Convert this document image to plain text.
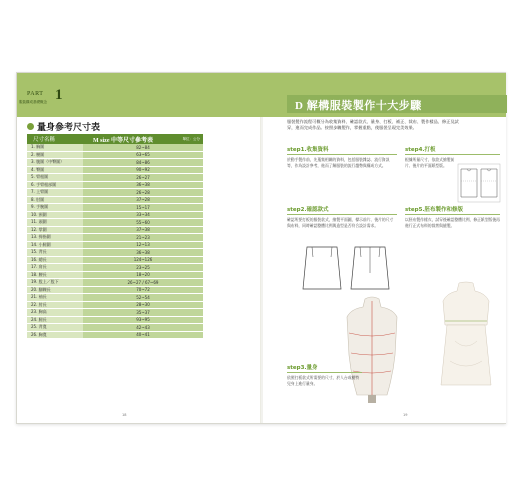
量身參考尺寸表
尺寸名稱	M size 中等尺寸參考表	單位：公分
1. 胸圍	82~84
2. 腰圍	63~65
3. 腹圍（中臀圍）	84~86
4. 臀圍	90~92
5. 臂根圍	26~27
6. 手臂根部圍	36~38
7. 上臂圍	26~28
8. 肘圍	37~28
9. 手腕圍	15~17
10. 頸圍	33~34
11. 頭圍	55~60
12. 掌圍	37~38
13. 拇指圍	21~23
14. 小腿圍	12~13
15. 背長	36~38
16. 總長	124~126
17. 肩長	23~25
18. 腰長	18~20
19. 股上／股下	26~27 / 67~69
20. 腳踝長	70~72
21. 袖長	52~54
22. 肘長	28~30
23. 胸高	35~37
24. 腿長	93~95
25. 背寬	42~43
26. 胸寬	40~41
18	19
PART 1
服裝構成基礎概念	D 解構服裝製作十大步驟
服裝製作流程可概分為收集資料、確認款式、量身、打板、補正、裁布、製作樣品、修正及試穿，進而完成作品。按照步驟製作，掌握重點，使服裝呈現完美效果。
step1.收集資料
於動手製作前，先蒐集相關的資料，包括服裝雜誌、流行資訊等，作為設計參考，進而了解服裝的流行趨勢與構成方式。
step4.打板
根據所量尺寸，依款式繪製前片、後片的平面紙型版。
step2.確認款式
確認所要打板的服裝款式，繪製平面圖，標示前片、後片的尺寸與布料，同時確認整體比例與造型是否符合設計需求。
step5.胚布製作和修版
以胚布製作樣衣，試穿後確認整體比例，修正紙型版後再進行正式布料的裁剪與縫製。
step3.量身
依照打板款式所需要的尺寸，於人台或模特兒身上進行量身。
